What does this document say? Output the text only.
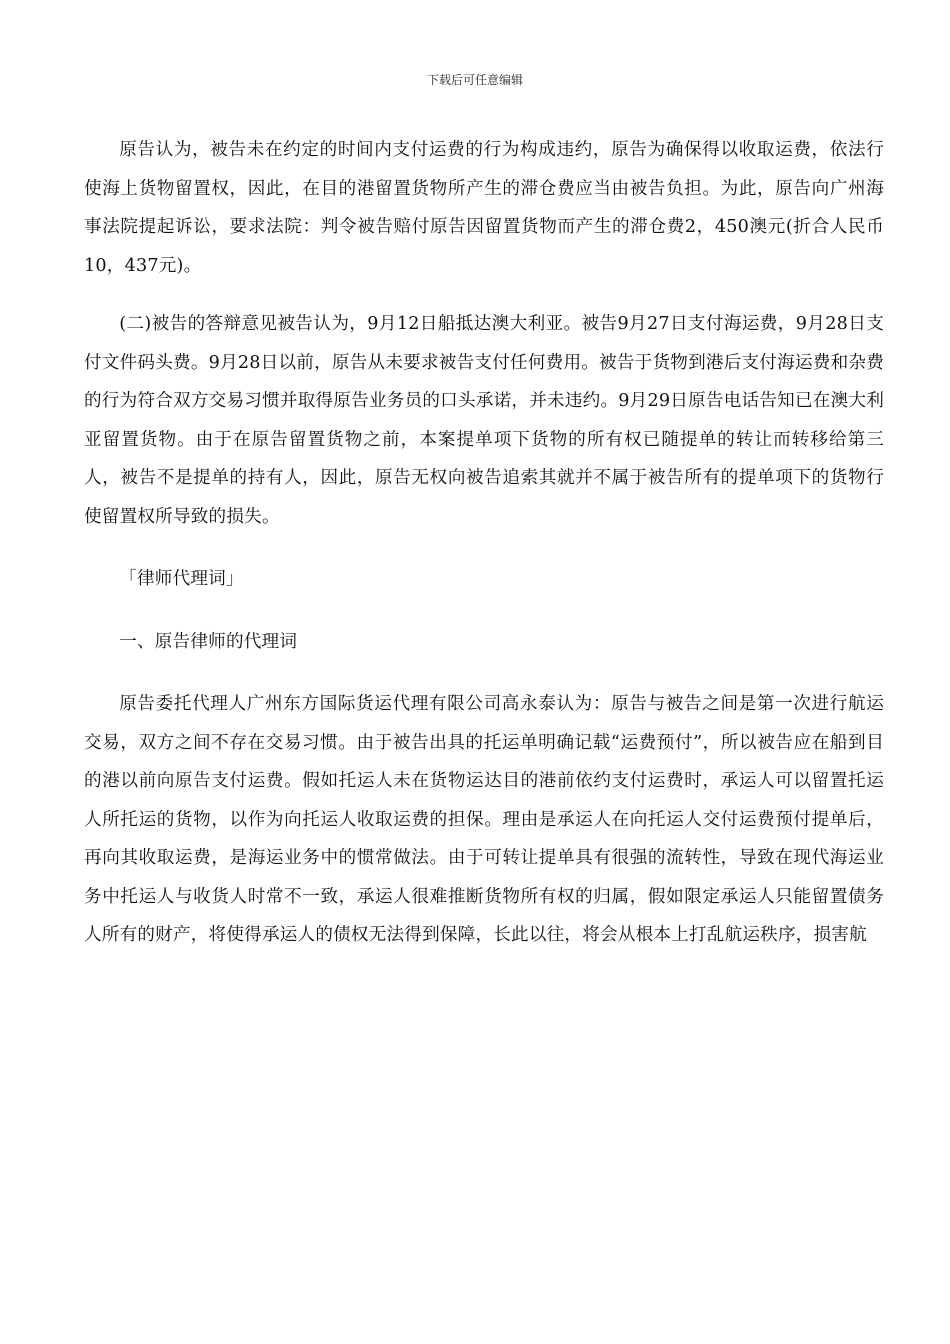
下载后可任意编辑

原告认为，被告未在约定的时间内支付运费的行为构成违约，原告为确保得以收取运费，依法行使海上货物留置权，因此，在目的港留置货物所产生的滞仓费应当由被告负担。为此，原告向广州海事法院提起诉讼，要求法院：判令被告赔付原告因留置货物而产生的滞仓费2，450澳元(折合人民币10，437元)。

(二)被告的答辩意见被告认为，9月12日船抵达澳大利亚。被告9月27日支付海运费，9月28日支付文件码头费。9月28日以前，原告从未要求被告支付任何费用。被告于货物到港后支付海运费和杂费的行为符合双方交易习惯并取得原告业务员的口头承诺，并未违约。9月29日原告电话告知已在澳大利亚留置货物。由于在原告留置货物之前，本案提单项下货物的所有权已随提单的转让而转移给第三人，被告不是提单的持有人，因此，原告无权向被告追索其就并不属于被告所有的提单项下的货物行使留置权所导致的损失。

「律师代理词」

一、原告律师的代理词

原告委托代理人广州东方国际货运代理有限公司高永泰认为：原告与被告之间是第一次进行航运交易，双方之间不存在交易习惯。由于被告出具的托运单明确记载“运费预付”，所以被告应在船到目的港以前向原告支付运费。假如托运人未在货物运达目的港前依约支付运费时，承运人可以留置托运人所托运的货物，以作为向托运人收取运费的担保。理由是承运人在向托运人交付运费预付提单后，再向其收取运费，是海运业务中的惯常做法。由于可转让提单具有很强的流转性，导致在现代海运业务中托运人与收货人时常不一致，承运人很难推断货物所有权的归属，假如限定承运人只能留置债务人所有的财产，将使得承运人的债权无法得到保障，长此以往，将会从根本上打乱航运秩序，损害航
